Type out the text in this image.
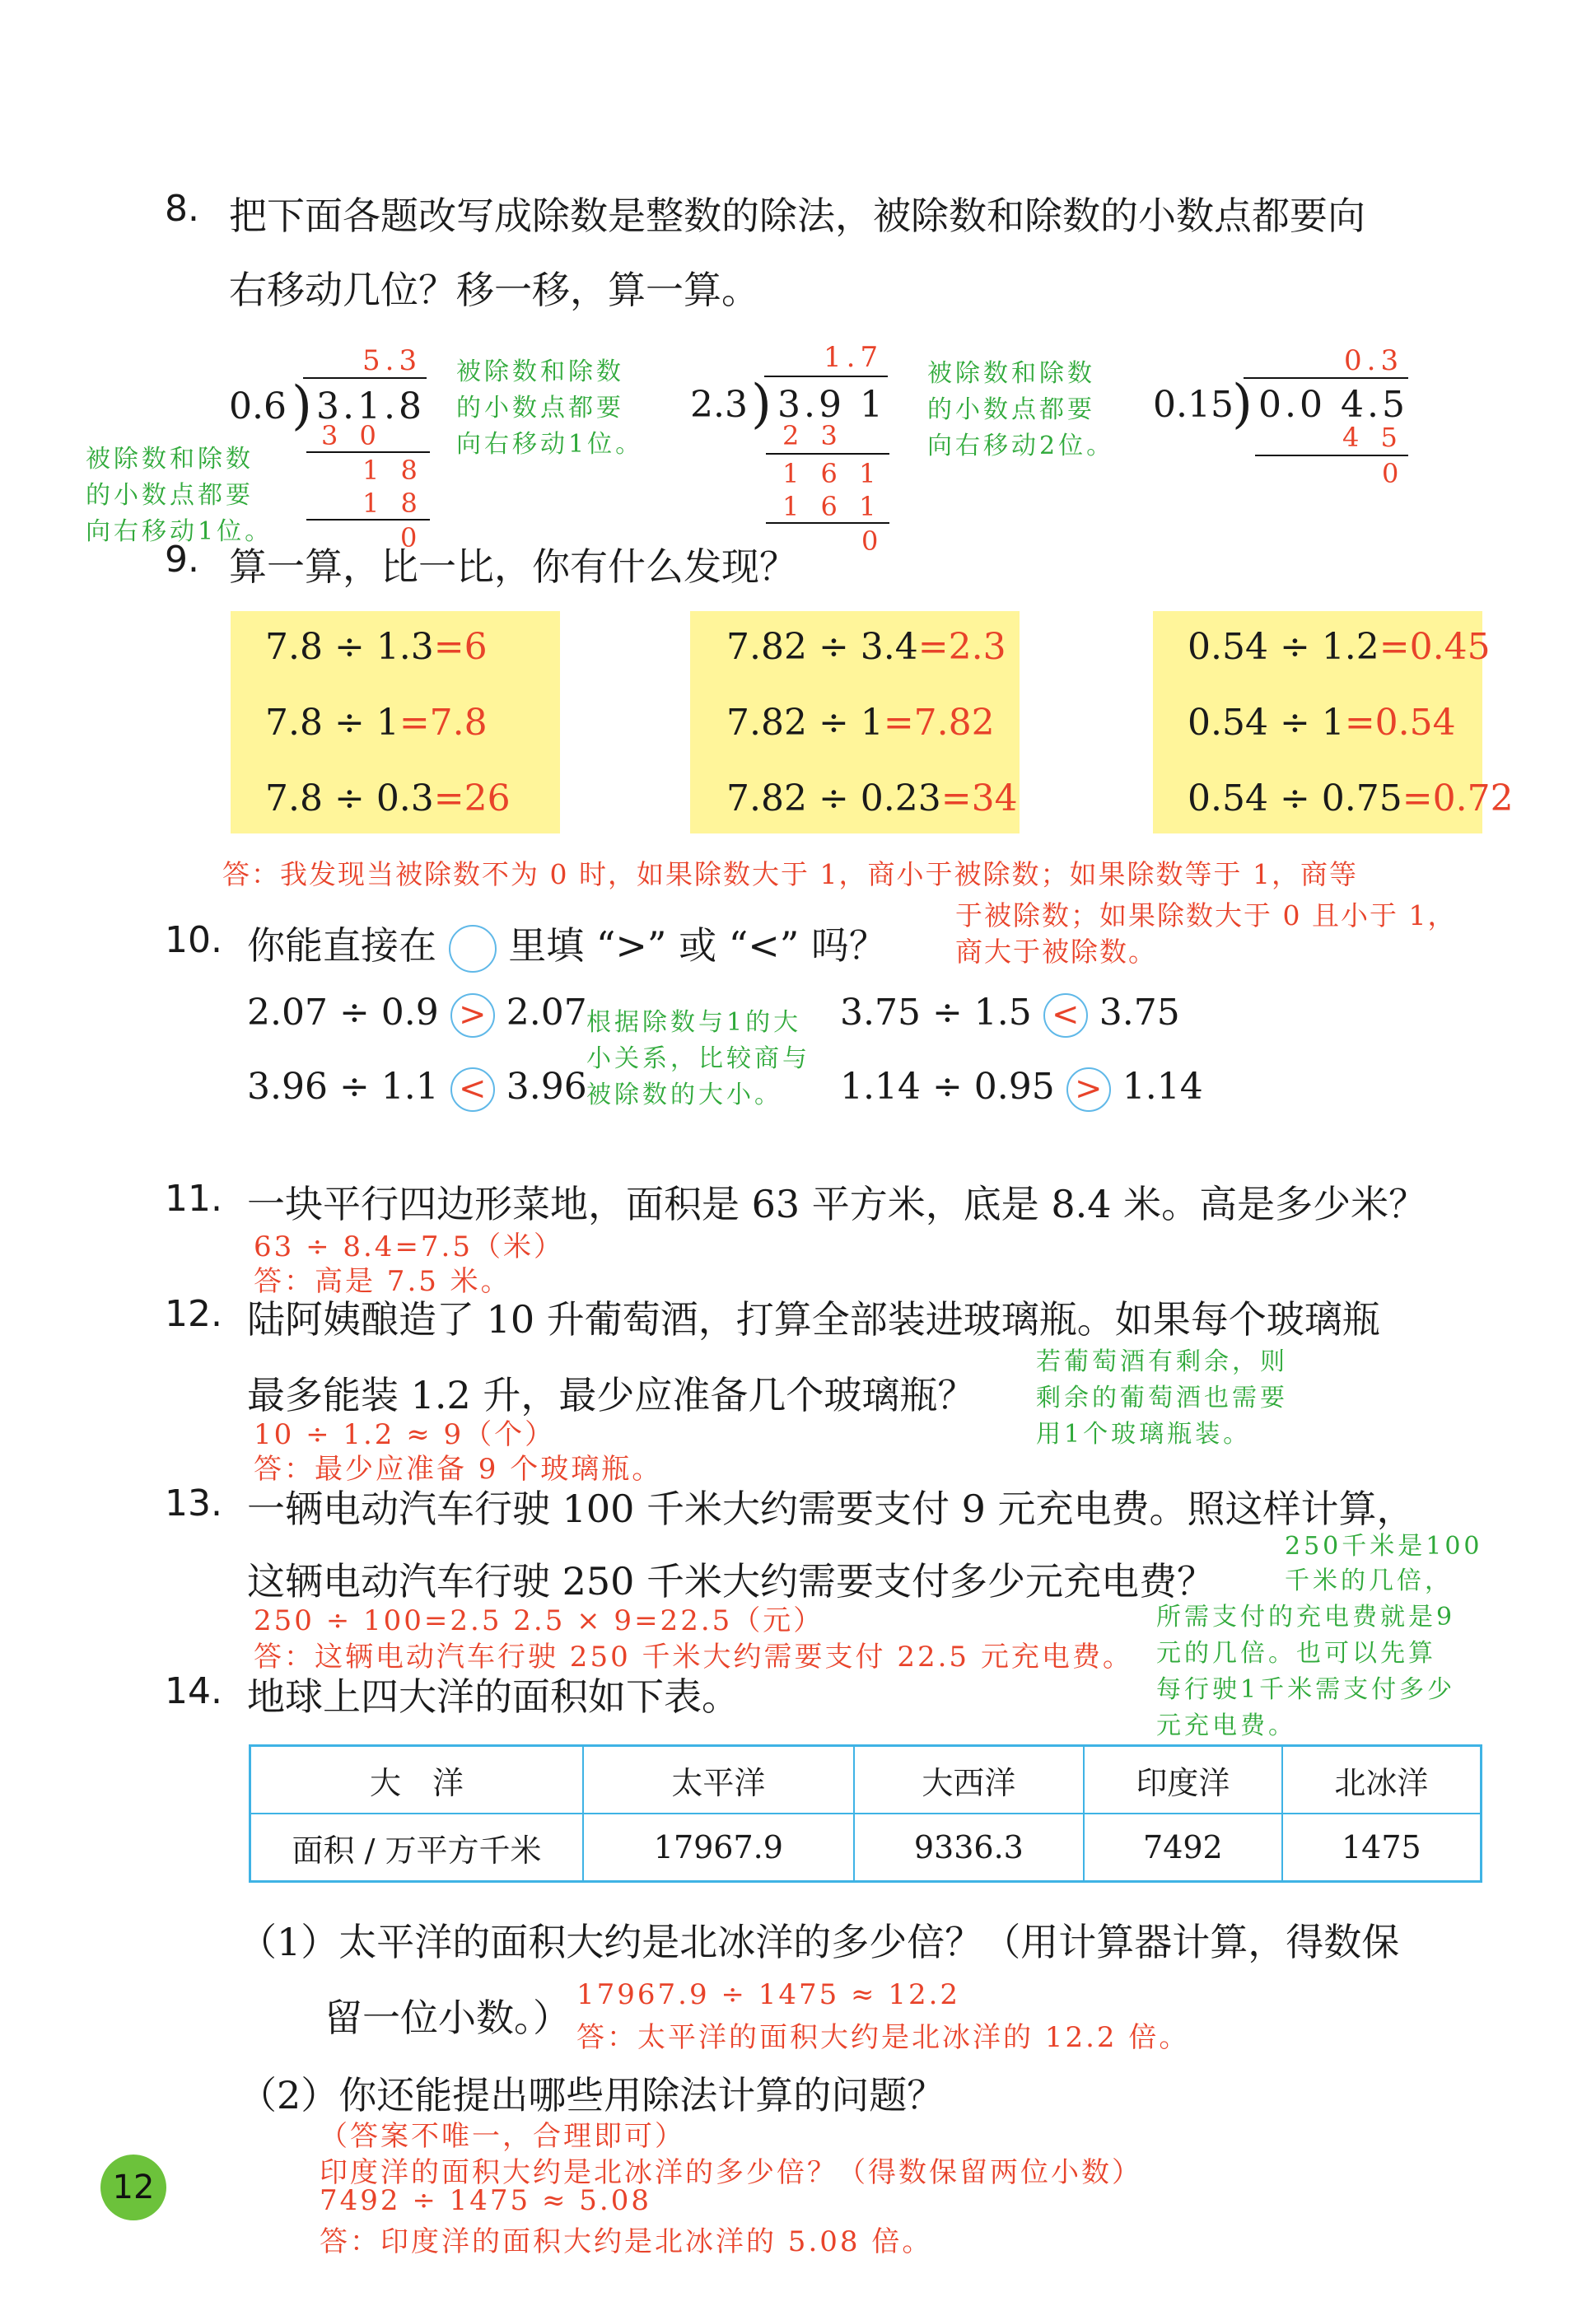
8. 把下面各题改写成除数是整数的除法，被除数和除数的小数点都要向
右移动几位？移一移，算一算。
5.3
0.6 ) 3.1.8
3 0
1 8
1 8
0
被除数和除数
的小数点都要
向右移动1位。
被除数和除数
的小数点都要
向右移动1位。
1.7
2.3 ) 3.9 1
2 3
1 6 1
1 6 1
0
被除数和除数
的小数点都要
向右移动2位。
0.3
0.15
) 0.0 4.5
4 5
0
9. 算一算，比一比，你有什么发现？
7.8 ÷ 1.3=6
7.8 ÷ 1=7.8
7.8 ÷ 0.3=26
7.82 ÷ 3.4=2.3
7.82 ÷ 1=7.82
7.82 ÷ 0.23=34
0.54 ÷ 1.2=0.45
0.54 ÷ 1=0.54
0.54 ÷ 0.75=0.72
答：我发现当被除数不为 0 时，如果除数大于 1，商小于被除数；如果除数等于 1，商等
于被除数；如果除数大于 0 且小于 1，
商大于被除数。
10. 你能直接在 里填 “>” 或 “<” 吗？
2.07 ÷ 0.9 > 2.07	3.75 ÷ 1.5 < 3.75
3.96 ÷ 1.1 < 3.96	1.14 ÷ 0.95 > 1.14
根据除数与1的大
小关系，比较商与
被除数的大小。
11. 一块平行四边形菜地，面积是 63 平方米，底是 8.4 米。高是多少米？
63 ÷ 8.4=7.5（米）
答：高是 7.5 米。
12. 陆阿姨酿造了 10 升葡萄酒，打算全部装进玻璃瓶。如果每个玻璃瓶
最多能装 1.2 升，最少应准备几个玻璃瓶？
10 ÷ 1.2 ≈ 9（个）
答：最少应准备 9 个玻璃瓶。
若葡萄酒有剩余，则
剩余的葡萄酒也需要
用1个玻璃瓶装。
13. 一辆电动汽车行驶 100 千米大约需要支付 9 元充电费。照这样计算，
这辆电动汽车行驶 250 千米大约需要支付多少元充电费？
250 ÷ 100=2.5 2.5 × 9=22.5（元）
答：这辆电动汽车行驶 250 千米大约需要支付 22.5 元充电费。
250千米是100
千米的几倍，
所需支付的充电费就是9
元的几倍。也可以先算
每行驶1千米需支付多少
元充电费。
14. 地球上四大洋的面积如下表。
大　洋	太平洋	大西洋	印度洋	北冰洋
面积 / 万平方千米	17967.9	9336.3	7492	1475
（1）太平洋的面积大约是北冰洋的多少倍？（用计算器计算，得数保
留一位小数。）
17967.9 ÷ 1475 ≈ 12.2
答：太平洋的面积大约是北冰洋的 12.2 倍。
（2）你还能提出哪些用除法计算的问题？
（答案不唯一，合理即可）
印度洋的面积大约是北冰洋的多少倍？（得数保留两位小数）
7492 ÷ 1475 ≈ 5.08
答：印度洋的面积大约是北冰洋的 5.08 倍。
12
